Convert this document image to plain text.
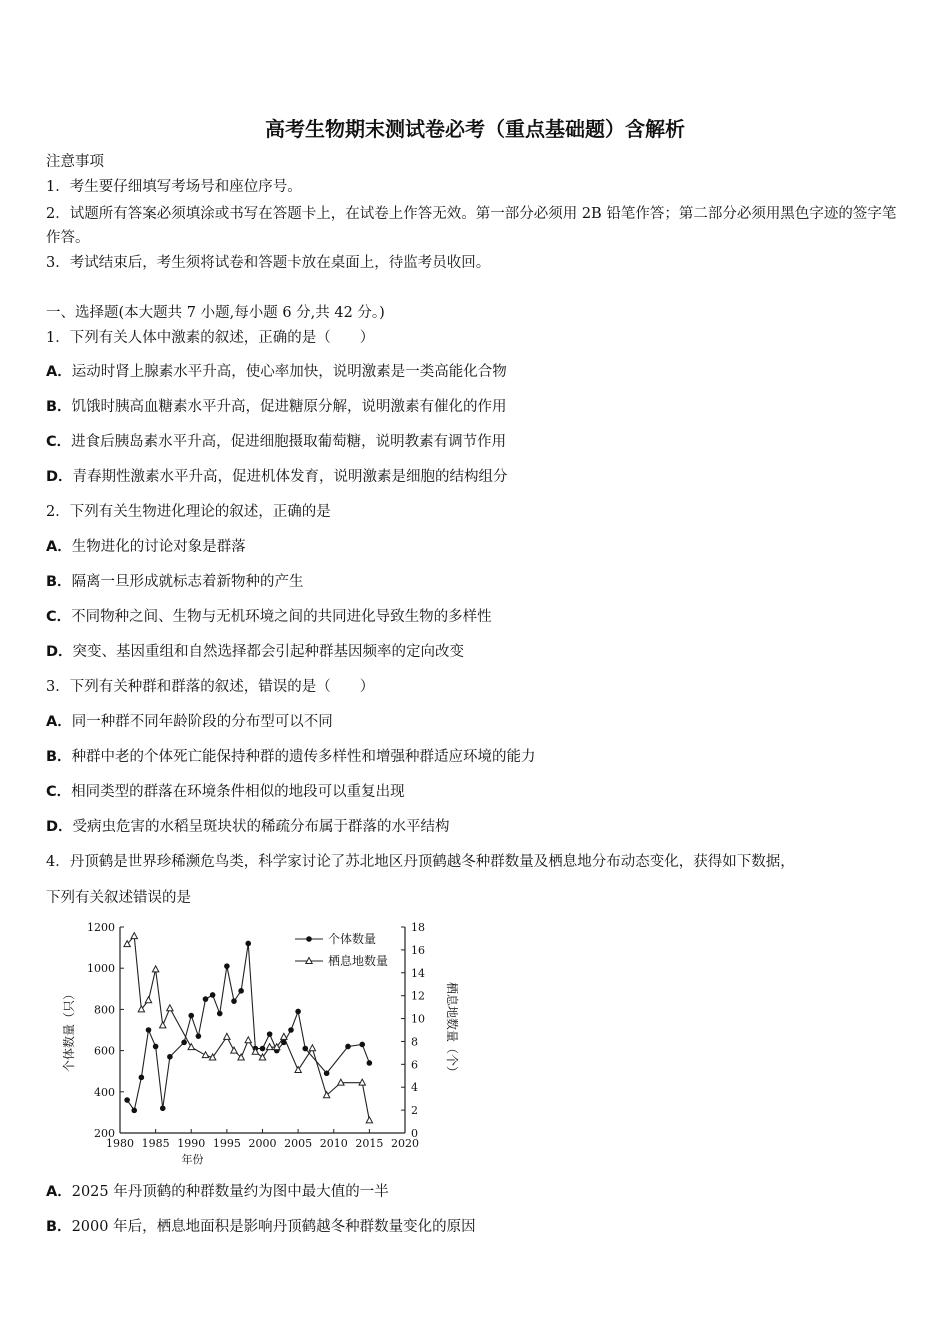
高考生物期末测试卷必考（重点基础题）含解析
注意事项
1．考生要仔细填写考场号和座位序号。
2．试题所有答案必须填涂或书写在答题卡上，在试卷上作答无效。第一部分必须用 2B 铅笔作答；第二部分必须用黑色字迹的签字笔作答。
3．考试结束后，考生须将试卷和答题卡放在桌面上，待监考员收回。
一、选择题(本大题共 7 小题,每小题 6 分,共 42 分。)
1．下列有关人体中激素的叙述，正确的是（　　）
A．运动时肾上腺素水平升高，使心率加快，说明激素是一类高能化合物
B．饥饿时胰高血糖素水平升高，促进糖原分解，说明激素有催化的作用
C．进食后胰岛素水平升高，促进细胞摄取葡萄糖，说明教素有调节作用
D．青春期性激素水平升高，促进机体发育，说明激素是细胞的结构组分
2．下列有关生物进化理论的叙述，正确的是
A．生物进化的讨论对象是群落
B．隔离一旦形成就标志着新物种的产生
C．不同物种之间、生物与无机环境之间的共同进化导致生物的多样性
D．突变、基因重组和自然选择都会引起种群基因频率的定向改变
3．下列有关种群和群落的叙述，错误的是（　　）
A．同一种群不同年龄阶段的分布型可以不同
B．种群中老的个体死亡能保持种群的遗传多样性和增强种群适应环境的能力
C．相同类型的群落在环境条件相似的地段可以重复出现
D．受病虫危害的水稻呈斑块状的稀疏分布属于群落的水平结构
4．丹顶鹤是世界珍稀濒危鸟类，科学家讨论了苏北地区丹顶鹤越冬种群数量及栖息地分布动态变化，获得如下数据，
下列有关叙述错误的是
1980 1985 1990 1995 2000 2005 2010 2015 2020
200
400
600
800
1000
1200
0
2
4
6
8
10
12
14
16
18
年份
个体数量（只）	栖息地数量（个）
个体数量
栖息地数量
A．2025 年丹顶鹤的种群数量约为图中最大值的一半
B．2000 年后，栖息地面积是影响丹顶鹤越冬种群数量变化的原因
